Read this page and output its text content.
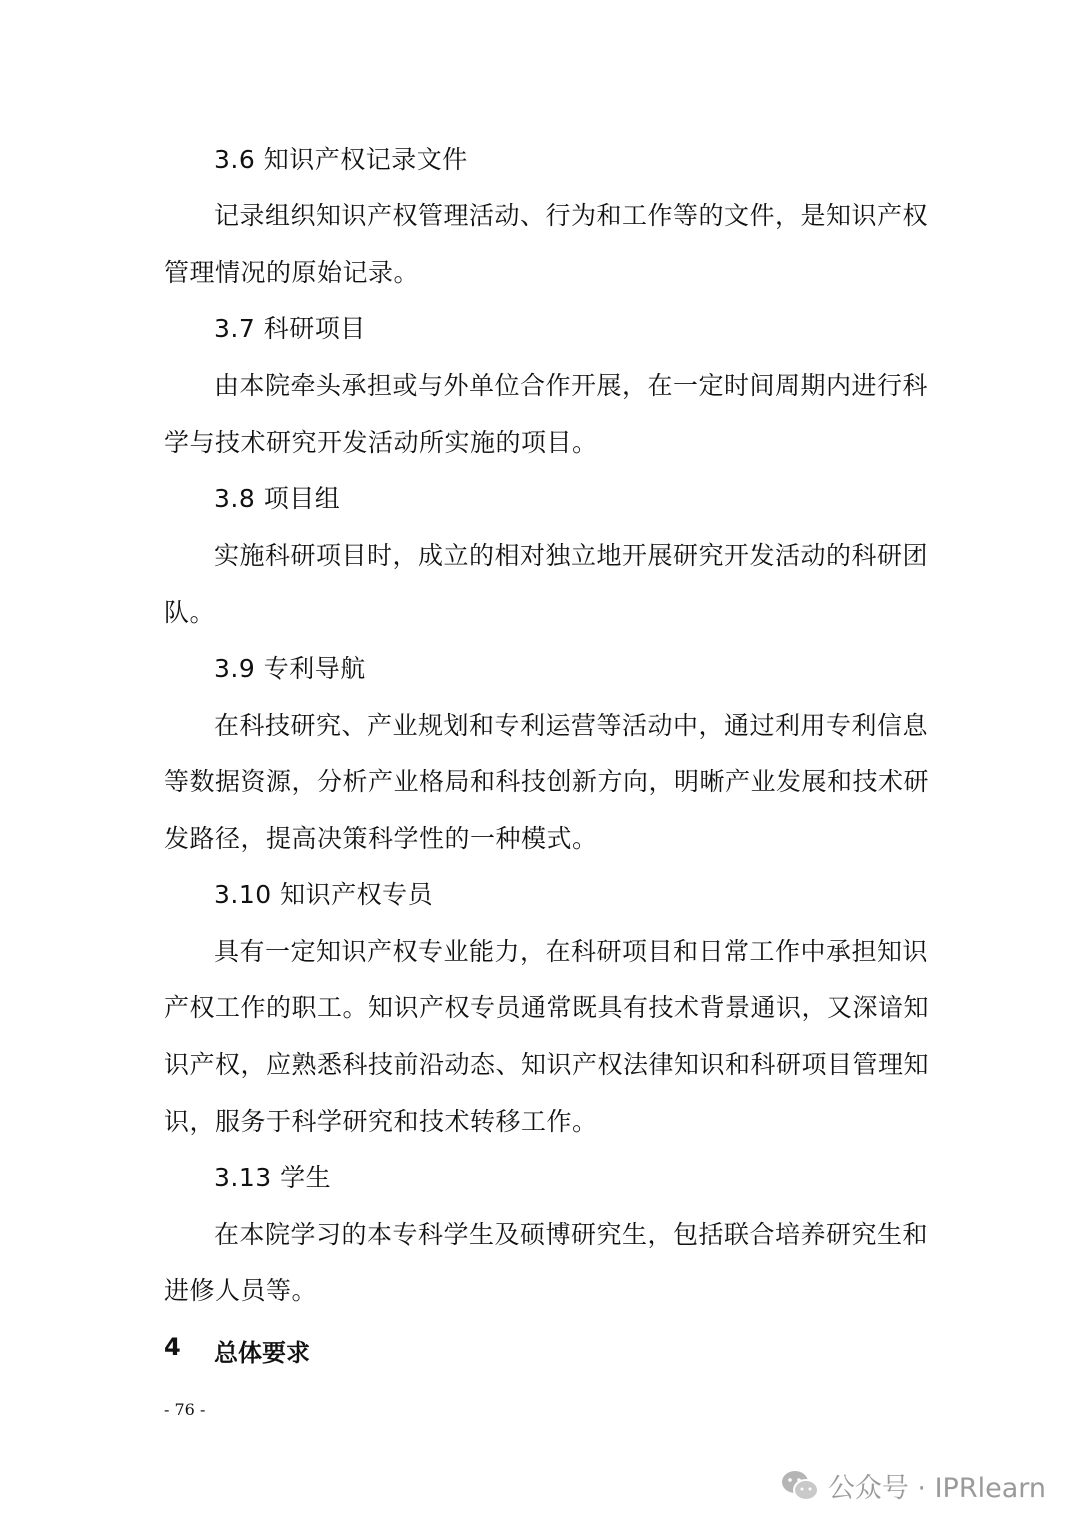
3.6 知识产权记录文件
记录组织知识产权管理活动、行为和工作等的文件，是知识产权
管理情况的原始记录。
3.7 科研项目
由本院牵头承担或与外单位合作开展，在一定时间周期内进行科
学与技术研究开发活动所实施的项目。
3.8 项目组
实施科研项目时，成立的相对独立地开展研究开发活动的科研团
队。
3.9 专利导航
在科技研究、产业规划和专利运营等活动中，通过利用专利信息
等数据资源，分析产业格局和科技创新方向，明晰产业发展和技术研
发路径，提高决策科学性的一种模式。
3.10 知识产权专员
具有一定知识产权专业能力，在科研项目和日常工作中承担知识
产权工作的职工。知识产权专员通常既具有技术背景通识，又深谙知
识产权，应熟悉科技前沿动态、知识产权法律知识和科研项目管理知
识，服务于科学研究和技术转移工作。
3.13 学生
在本院学习的本专科学生及硕博研究生，包括联合培养研究生和
进修人员等。
4 总体要求
- 76 -
公众号 · IPRlearn
